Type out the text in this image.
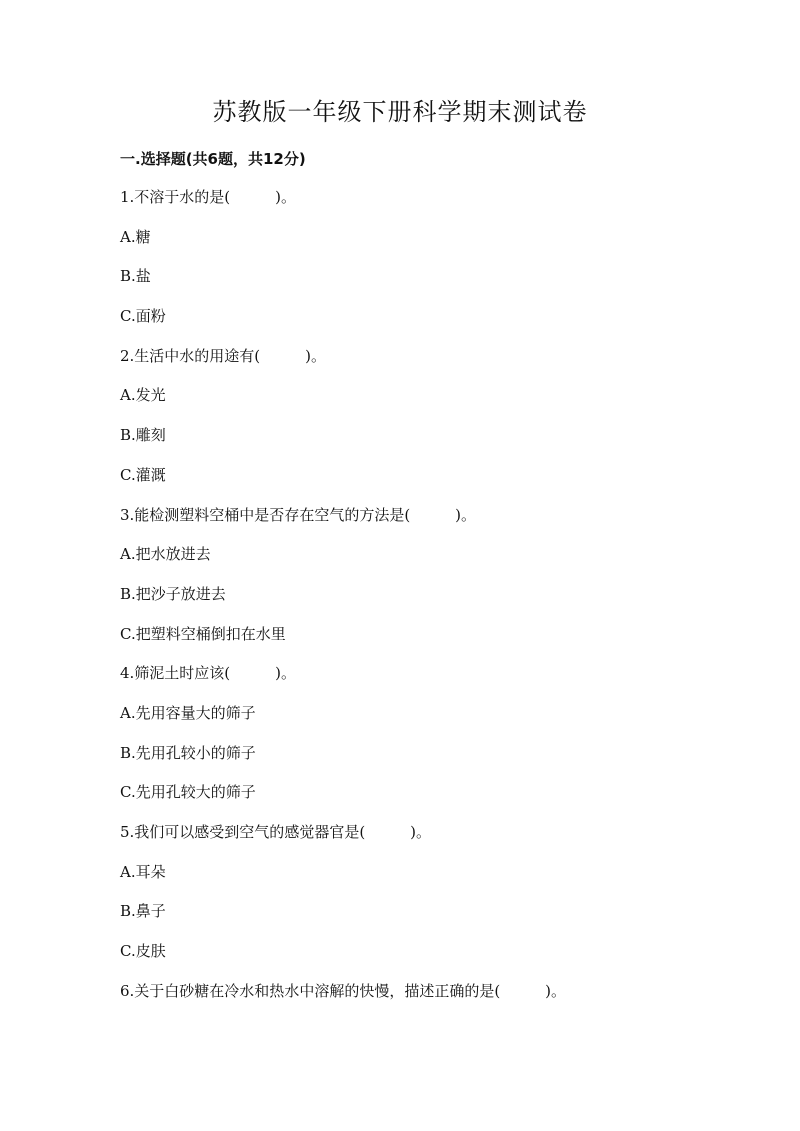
苏教版一年级下册科学期末测试卷
一.选择题(共6题，共12分)
1.不溶于水的是(　　　)。
A.糖
B.盐
C.面粉
2.生活中水的用途有(　　　)。
A.发光
B.雕刻
C.灌溉
3.能检测塑料空桶中是否存在空气的方法是(　　　)。
A.把水放进去
B.把沙子放进去
C.把塑料空桶倒扣在水里
4.筛泥土时应该(　　　)。
A.先用容量大的筛子
B.先用孔较小的筛子
C.先用孔较大的筛子
5.我们可以感受到空气的感觉器官是(　　　)。
A.耳朵
B.鼻子
C.皮肤
6.关于白砂糖在冷水和热水中溶解的快慢，描述正确的是(　　　)。
